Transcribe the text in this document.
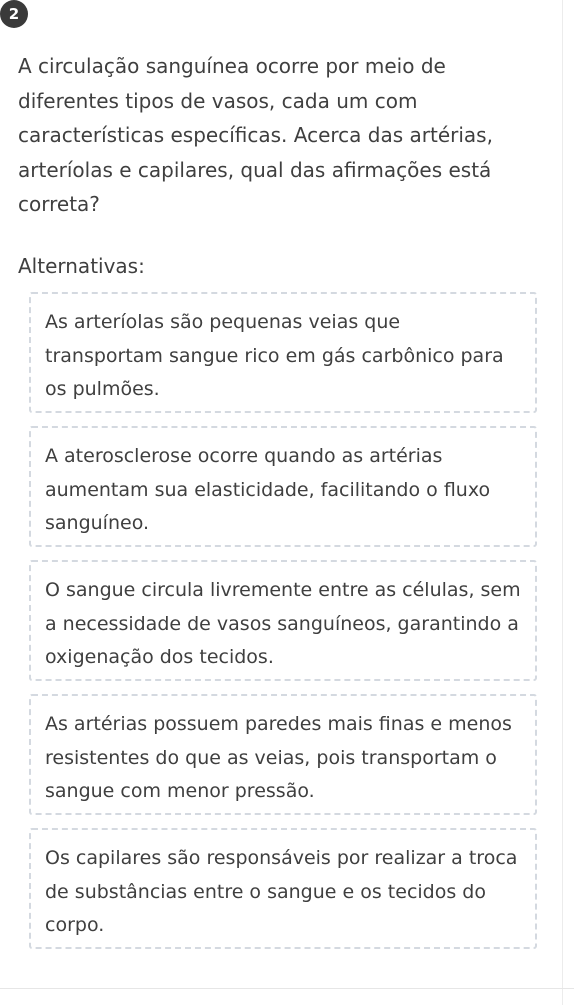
2

A circulação sanguínea ocorre por meio de diferentes tipos de vasos, cada um com características específicas. Acerca das artérias, arteríolas e capilares, qual das afirmações está correta?

Alternativas:

As arteríolas são pequenas veias que transportam sangue rico em gás carbônico para os pulmões.
A aterosclerose ocorre quando as artérias aumentam sua elasticidade, facilitando o fluxo sanguíneo.
O sangue circula livremente entre as células, sem a necessidade de vasos sanguíneos, garantindo a oxigenação dos tecidos.
As artérias possuem paredes mais finas e menos resistentes do que as veias, pois transportam o sangue com menor pressão.
Os capilares são responsáveis por realizar a troca de substâncias entre o sangue e os tecidos do corpo.
